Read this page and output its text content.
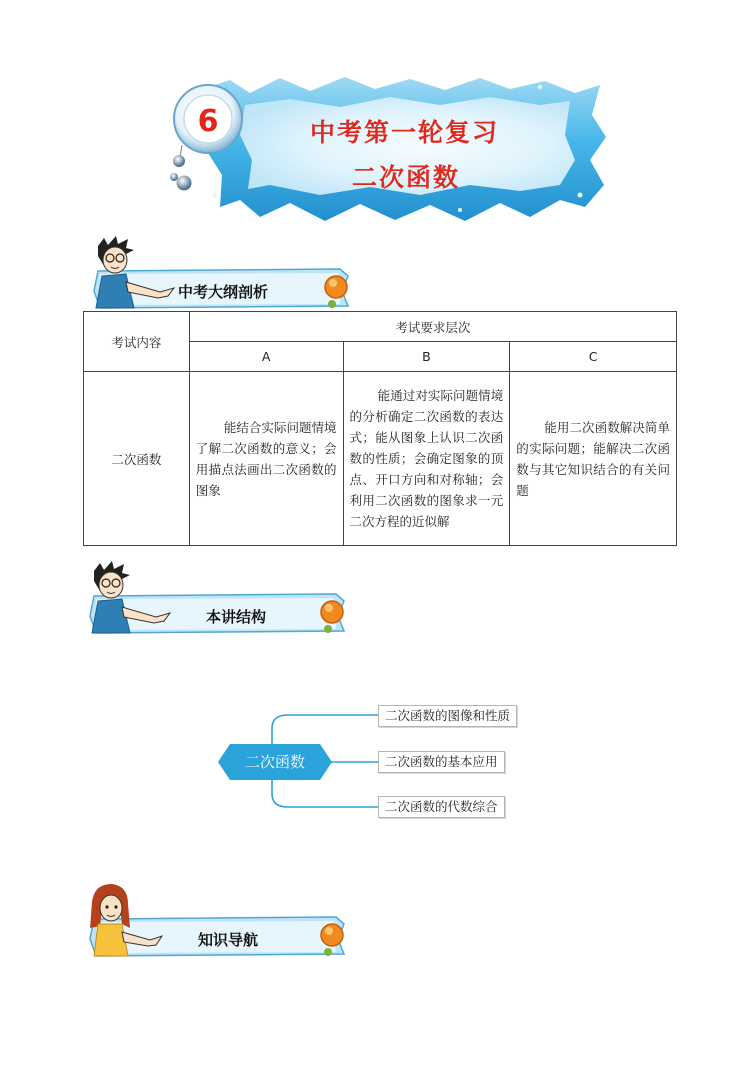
6	中考第一轮复习
二次函数
中考大纲剖析
考试内容	考试要求层次		
	A	B	C
二次函数	能结合实际问题情境了解二次函数的意义；会用描点法画出二次函数的图象	能通过对实际问题情境的分析确定二次函数的表达式；能从图象上认识二次函数的性质；会确定图象的顶点、开口方向和对称轴；会利用二次函数的图象求一元二次方程的近似解	能用二次函数解决简单的实际问题；能解决二次函数与其它知识结合的有关问题
本讲结构
二次函数
二次函数的图像和性质
二次函数的基本应用
二次函数的代数综合
知识导航
